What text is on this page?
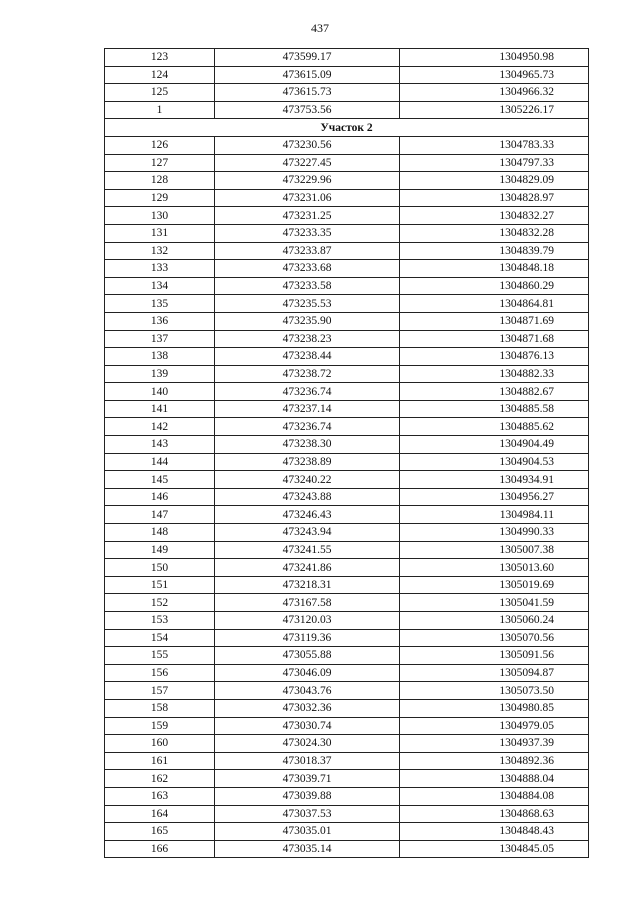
437
123	473599.17	1304950.98
124	473615.09	1304965.73
125	473615.73	1304966.32
1	473753.56	1305226.17
Участок 2		
126	473230.56	1304783.33
127	473227.45	1304797.33
128	473229.96	1304829.09
129	473231.06	1304828.97
130	473231.25	1304832.27
131	473233.35	1304832.28
132	473233.87	1304839.79
133	473233.68	1304848.18
134	473233.58	1304860.29
135	473235.53	1304864.81
136	473235.90	1304871.69
137	473238.23	1304871.68
138	473238.44	1304876.13
139	473238.72	1304882.33
140	473236.74	1304882.67
141	473237.14	1304885.58
142	473236.74	1304885.62
143	473238.30	1304904.49
144	473238.89	1304904.53
145	473240.22	1304934.91
146	473243.88	1304956.27
147	473246.43	1304984.11
148	473243.94	1304990.33
149	473241.55	1305007.38
150	473241.86	1305013.60
151	473218.31	1305019.69
152	473167.58	1305041.59
153	473120.03	1305060.24
154	473119.36	1305070.56
155	473055.88	1305091.56
156	473046.09	1305094.87
157	473043.76	1305073.50
158	473032.36	1304980.85
159	473030.74	1304979.05
160	473024.30	1304937.39
161	473018.37	1304892.36
162	473039.71	1304888.04
163	473039.88	1304884.08
164	473037.53	1304868.63
165	473035.01	1304848.43
166	473035.14	1304845.05
